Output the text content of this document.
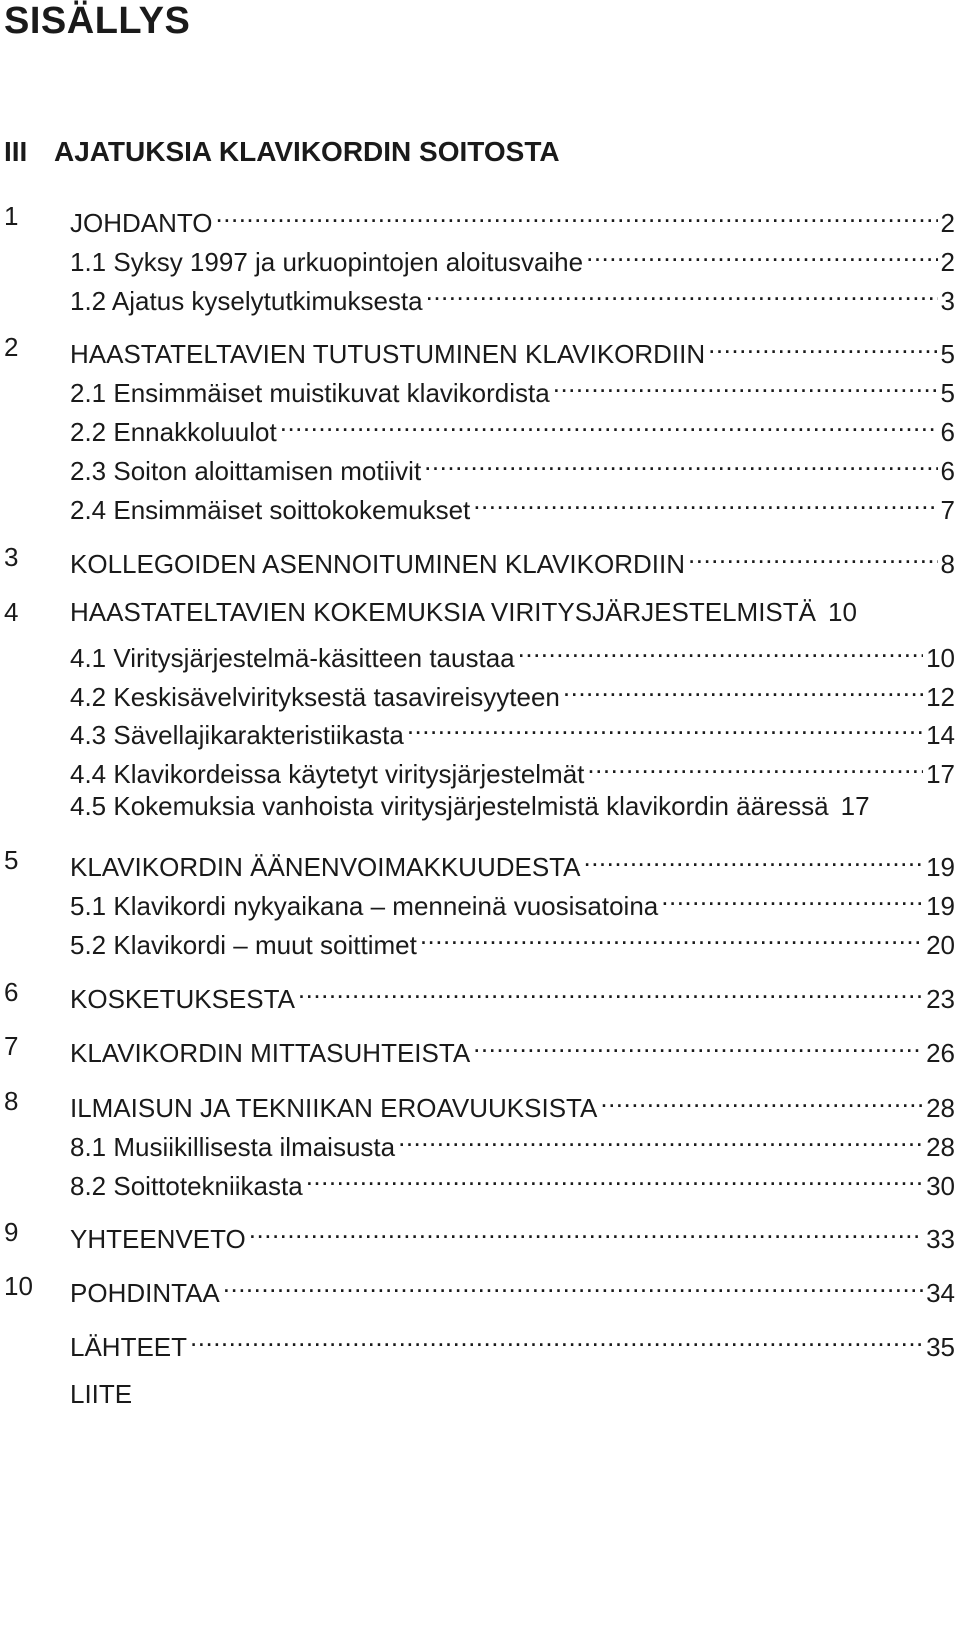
SISÄLLYS
III AJATUKSIA KLAVIKORDIN SOITOSTA
1 JOHDANTO .....	2
1.1 Syksy 1997 ja urkuopintojen aloitusvaihe .....	2
1.2 Ajatus kyselytutkimuksesta .....	3
2 HAASTATELTAVIEN TUTUSTUMINEN KLAVIKORDIIN .....	5
2.1 Ensimmäiset muistikuvat klavikordista .....	5
2.2 Ennakkoluulot .....	6
2.3 Soiton aloittamisen motiivit .....	6
2.4 Ensimmäiset soittokokemukset .....	7
3 KOLLEGOIDEN ASENNOITUMINEN KLAVIKORDIIN .....	8
4 HAASTATELTAVIEN KOKEMUKSIA VIRITYSJÄRJESTELMISTÄ 10
4.1 Viritysjärjestelmä-käsitteen taustaa .....	10
4.2 Keskisävelvirityksestä tasavireisyyteen .....	12
4.3 Sävellajikarakteristiikasta .....	14
4.4 Klavikordeissa käytetyt viritysjärjestelmät .....	17
4.5 Kokemuksia vanhoista viritysjärjestelmistä klavikordin ääressä 17
5 KLAVIKORDIN ÄÄNENVOIMAKKUUDESTA .....	19
5.1 Klavikordi nykyaikana – menneinä vuosisatoina .....	19
5.2 Klavikordi – muut soittimet .....	20
6 KOSKETUKSESTA .....	23
7 KLAVIKORDIN MITTASUHTEISTA .....	26
8 ILMAISUN JA TEKNIIKAN EROAVUUKSISTA .....	28
8.1 Musiikillisesta ilmaisusta .....	28
8.2 Soittotekniikasta .....	30
9 YHTEENVETO .....	33
10 POHDINTAA .....	34
LÄHTEET .....	35
LIITE
